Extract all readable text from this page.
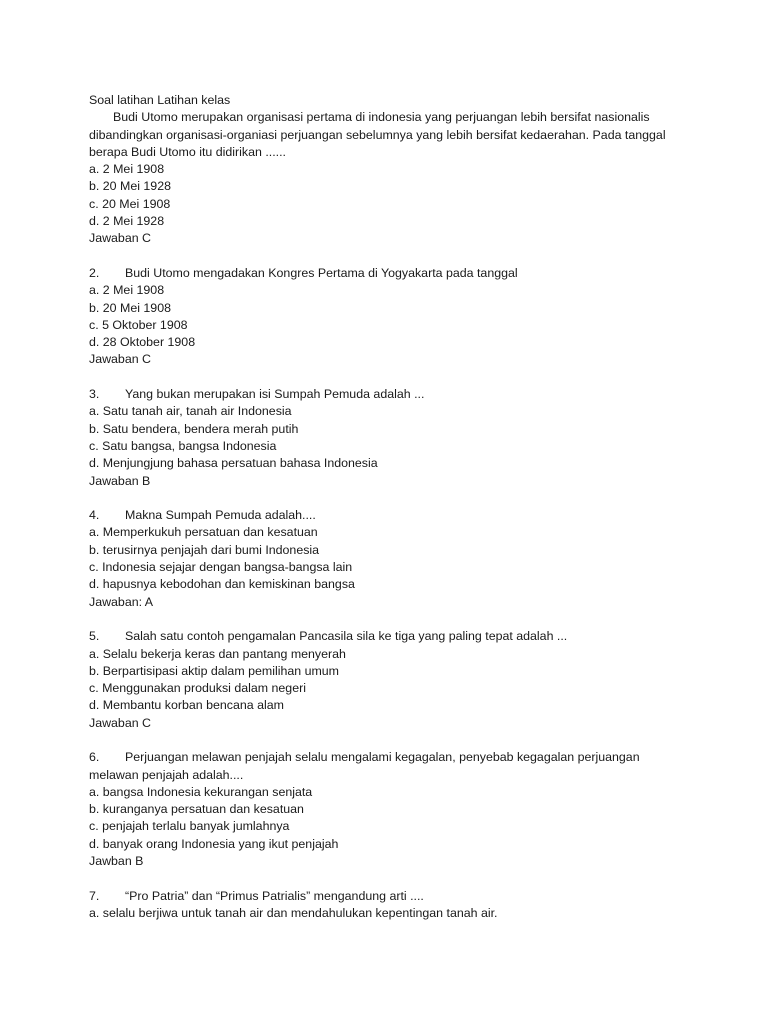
Soal latihan Latihan kelas
Budi Utomo merupakan organisasi pertama di indonesia yang perjuangan lebih bersifat nasionalis
dibandingkan organisasi-organiasi perjuangan sebelumnya yang lebih bersifat kedaerahan. Pada tanggal
berapa Budi Utomo itu didirikan ......
a. 2 Mei 1908
b. 20 Mei 1928
c. 20 Mei 1908
d. 2 Mei 1928
Jawaban C
2. Budi Utomo mengadakan Kongres Pertama di Yogyakarta pada tanggal
a. 2 Mei 1908
b. 20 Mei 1908
c. 5 Oktober 1908
d. 28 Oktober 1908
Jawaban C
3. Yang bukan merupakan isi Sumpah Pemuda adalah ...
a. Satu tanah air, tanah air Indonesia
b. Satu bendera, bendera merah putih
c. Satu bangsa, bangsa Indonesia
d. Menjungjung bahasa persatuan bahasa Indonesia
Jawaban B
4. Makna Sumpah Pemuda adalah....
a. Memperkukuh persatuan dan kesatuan
b. terusirnya penjajah dari bumi Indonesia
c. Indonesia sejajar dengan bangsa-bangsa lain
d. hapusnya kebodohan dan kemiskinan bangsa
Jawaban: A
5. Salah satu contoh pengamalan Pancasila sila ke tiga yang paling tepat adalah ...
a. Selalu bekerja keras dan pantang menyerah
b. Berpartisipasi aktip dalam pemilihan umum
c. Menggunakan produksi dalam negeri
d. Membantu korban bencana alam
Jawaban C
6. Perjuangan melawan penjajah selalu mengalami kegagalan, penyebab kegagalan perjuangan
melawan penjajah adalah....
a. bangsa Indonesia kekurangan senjata
b. kuranganya persatuan dan kesatuan
c. penjajah terlalu banyak jumlahnya
d. banyak orang Indonesia yang ikut penjajah
Jawban B
7. “Pro Patria” dan “Primus Patrialis” mengandung arti ....
a. selalu berjiwa untuk tanah air dan mendahulukan kepentingan tanah air.
